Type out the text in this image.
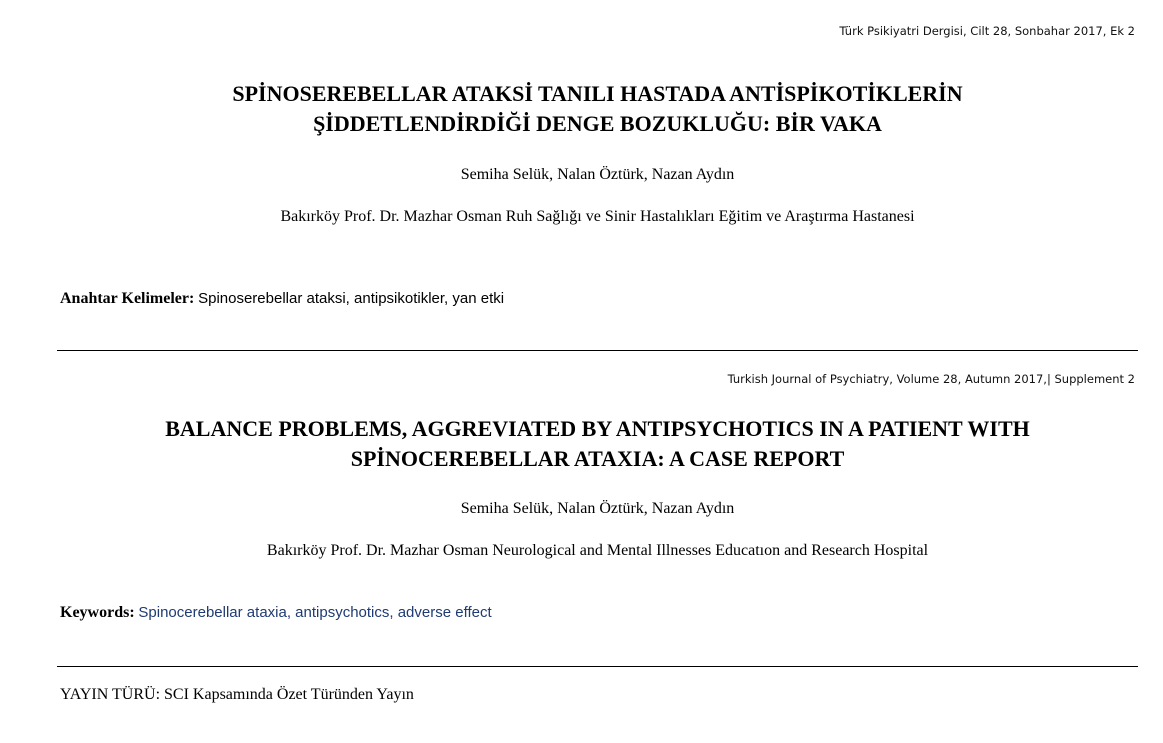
Türk Psikiyatri Dergisi, Cilt 28, Sonbahar 2017, Ek 2
SPİNOSEREBELLAR ATAKSİ TANILI HASTADA ANTİSPİKOTİKLERİN
ŞİDDETLENDİRDİĞİ DENGE BOZUKLUĞU: BİR VAKA
Semiha Selük, Nalan Öztürk, Nazan Aydın
Bakırköy Prof. Dr. Mazhar Osman Ruh Sağlığı ve Sinir Hastalıkları Eğitim ve Araştırma Hastanesi
Anahtar Kelimeler: Spinoserebellar ataksi, antipsikotikler, yan etki
Turkish Journal of Psychiatry, Volume 28, Autumn 2017,| Supplement 2
BALANCE PROBLEMS, AGGREVIATED BY ANTIPSYCHOTICS IN A PATIENT WITH
SPİNOCEREBELLAR ATAXIA: A CASE REPORT
Semiha Selük, Nalan Öztürk, Nazan Aydın
Bakırköy Prof. Dr. Mazhar Osman Neurological and Mental Illnesses Educatıon and Research Hospital
Keywords: Spinocerebellar ataxia, antipsychotics, adverse effect
YAYIN TÜRÜ: SCI Kapsamında Özet Türünden Yayın
